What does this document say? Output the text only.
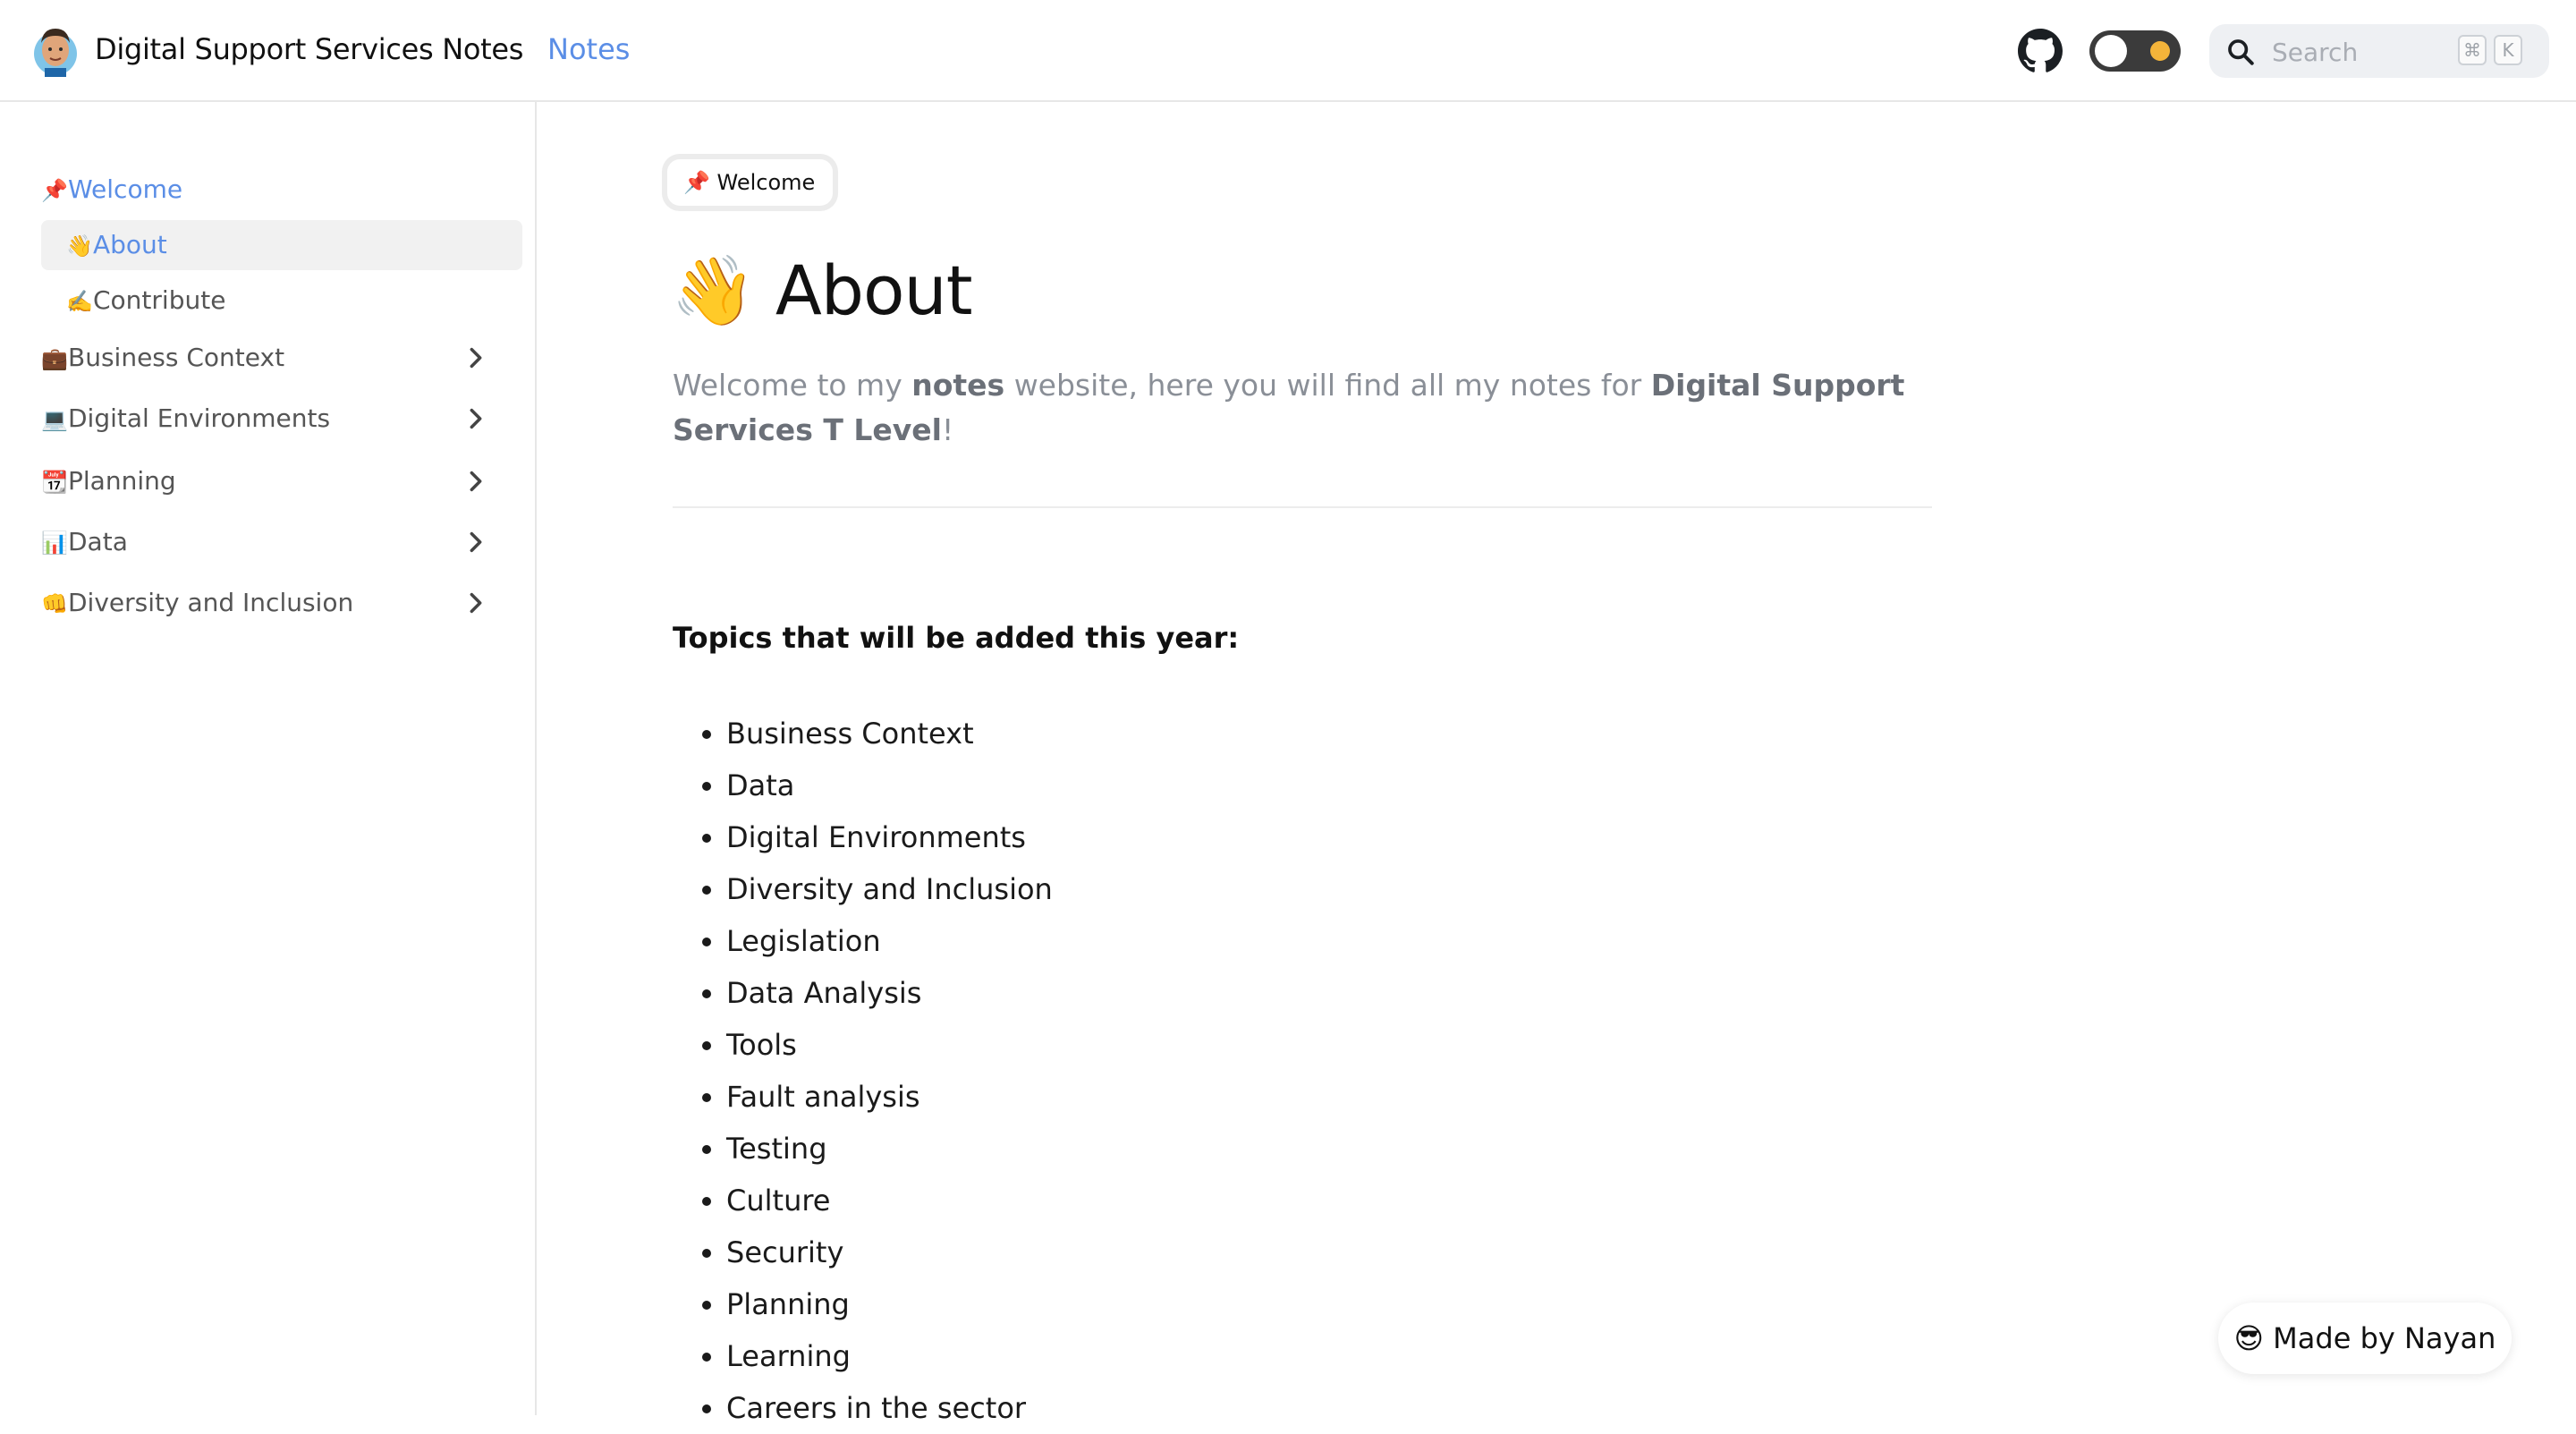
Digital Support Services Notes Notes
Search	⌘	K
📌Welcome
👋About
✍️Contribute
💼Business Context
💻Digital Environments
📆Planning
📊Data
👊Diversity and Inclusion
📌 Welcome
👋 About
Welcome to my notes website, here you will find all my notes for Digital Support Services T Level!
Topics that will be added this year:
• Business Context
• Data
• Digital Environments
• Diversity and Inclusion
• Legislation
• Data Analysis
• Tools
• Fault analysis
• Testing
• Culture
• Security
• Planning
• Learning
• Careers in the sector
😎 Made by Nayan
